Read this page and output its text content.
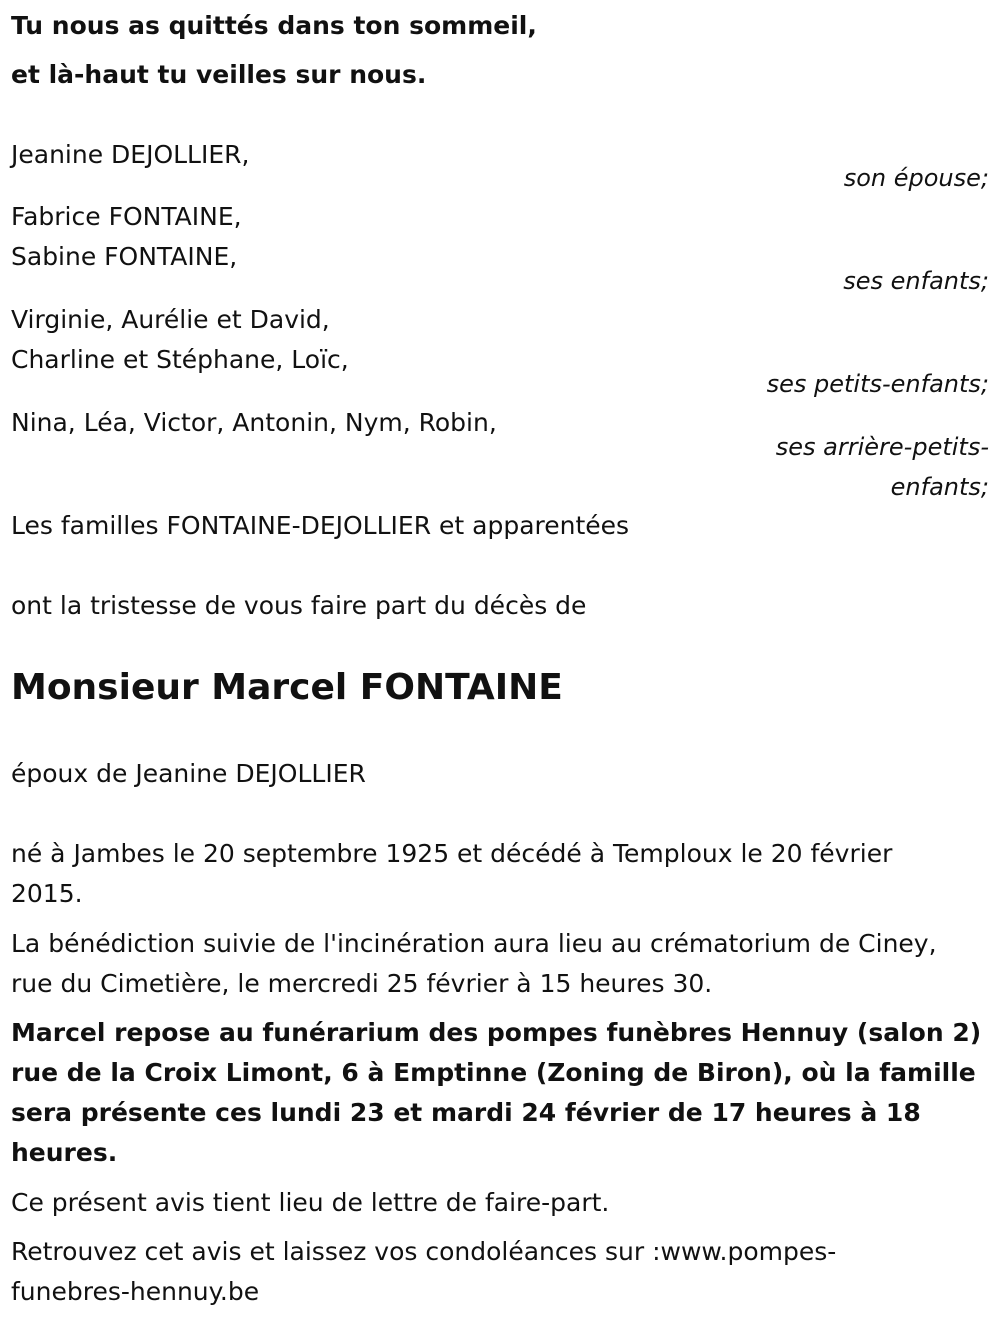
Tu nous as quittés dans ton sommeil,
et là-haut tu veilles sur nous.
Jeanine DEJOLLIER,
son épouse;
Fabrice FONTAINE,
Sabine FONTAINE,
ses enfants;
Virginie, Aurélie et David,
Charline et Stéphane, Loïc,
ses petits-enfants;
Nina, Léa, Victor, Antonin, Nym, Robin,
ses arrière-petits-
enfants;
Les familles FONTAINE-DEJOLLIER et apparentées
ont la tristesse de vous faire part du décès de
Monsieur Marcel FONTAINE
époux de Jeanine DEJOLLIER
né à Jambes le 20 septembre 1925 et décédé à Temploux le 20 février
2015.
La bénédiction suivie de l'incinération aura lieu au crématorium de Ciney,
rue du Cimetière, le mercredi 25 février à 15 heures 30.
Marcel repose au funérarium des pompes funèbres Hennuy (salon 2)
rue de la Croix Limont, 6 à Emptinne (Zoning de Biron), où la famille
sera présente ces lundi 23 et mardi 24 février de 17 heures à 18
heures.
Ce présent avis tient lieu de lettre de faire-part.
Retrouvez cet avis et laissez vos condoléances sur :www.pompes-
funebres-hennuy.be
